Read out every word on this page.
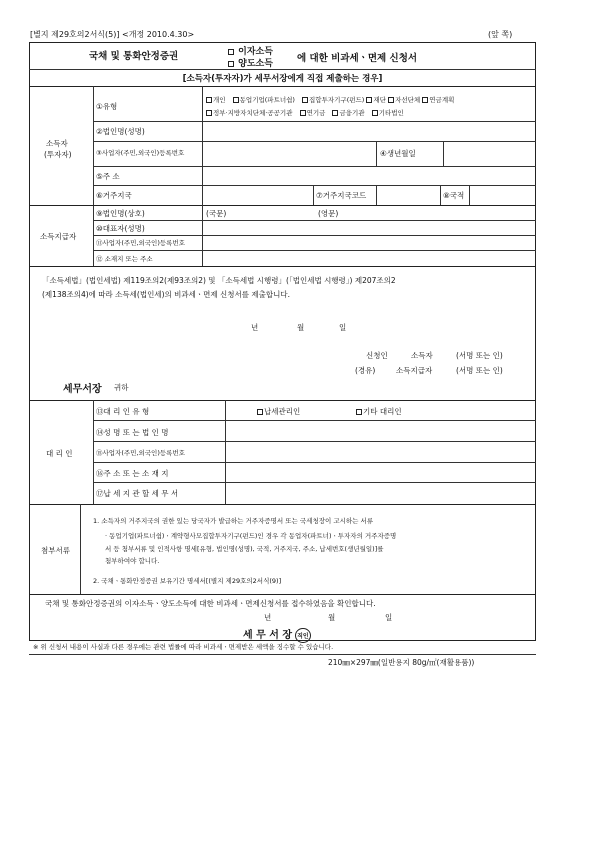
[별지 제29호의2서식(5)] <개정 2010.4.30>	(앞 쪽)
국채 및 통화안정증권	이자소득
양도소득	에 대한 비과세ㆍ면제 신청서
[소득자(투자자)가 세무서장에게 직접 제출하는 경우]
소득자
(투자자)
①유형
개인 동업기업(파트너쉽) 집합투자기구(펀드) 재단 자선단체 연금계획
정부·지방자치단체·공공기관 연기금 금융기관 기타법인
②법인명(성명)
③사업자(주민,외국인)등록번호	④생년월일
⑤주 소
⑥거주지국	⑦거주지국코드	⑧국적
소득지급자
⑨법인명(상호)	(국문)	(영문)
⑩대표자(성명)
⑪사업자(주민,외국인)등록번호
⑫ 소재지 또는 주소
「소득세법」(법인세법) 제119조의2(제93조의2) 및 「소득세법 시행령」(「법인세법 시행령」) 제207조의2
(제138조의4)에 따라 소득세(법인세)의 비과세ㆍ면제 신청서를 제출합니다.
년	월	일
신청인	소득자	(서명 또는 인)
(경유)	소득지급자	(서명 또는 인)
세무서장 귀하
대 리 인
⑬대 리 인 유 형	납세관리인	기타 대리인
⑭성 명 또 는 법 인 명
⑮사업자(주민,외국인)등록번호
⑯주 소 또 는 소 재 지
⑰납 세 지 관 할 세 무 서
첨부서류
1. 소득자의 거주지국의 권한 있는 당국자가 발급하는 거주자증명서 또는 국세청장이 고시하는 서류
· 동업기업(파트너쉽)ㆍ계약형사모집합투자기구(펀드)인 경우 각 동업자(파트너)ㆍ투자자의 거주자증명
서 등 첨부서류 및 인적사항 명세[유형, 법인명(성명), 국적, 거주지국, 주소, 납세번호(생년월일)]를
첨부하여야 합니다.
2. 국채ㆍ통화안정증권 보유기간 명세서[(별지 제29호의2서식(9)]
국채 및 통화안정증권의 이자소득ㆍ양도소득에 대한 비과세ㆍ면제신청서를 접수하였음을 확인합니다.
년	월	일
세 무 서 장 직인
※ 위 신청서 내용이 사실과 다른 경우에는 관련 법률에 따라 비과세ㆍ면제받은 세액을 징수할 수 있습니다.
210㎜×297㎜(일반용지 80g/㎡(재활용품))
